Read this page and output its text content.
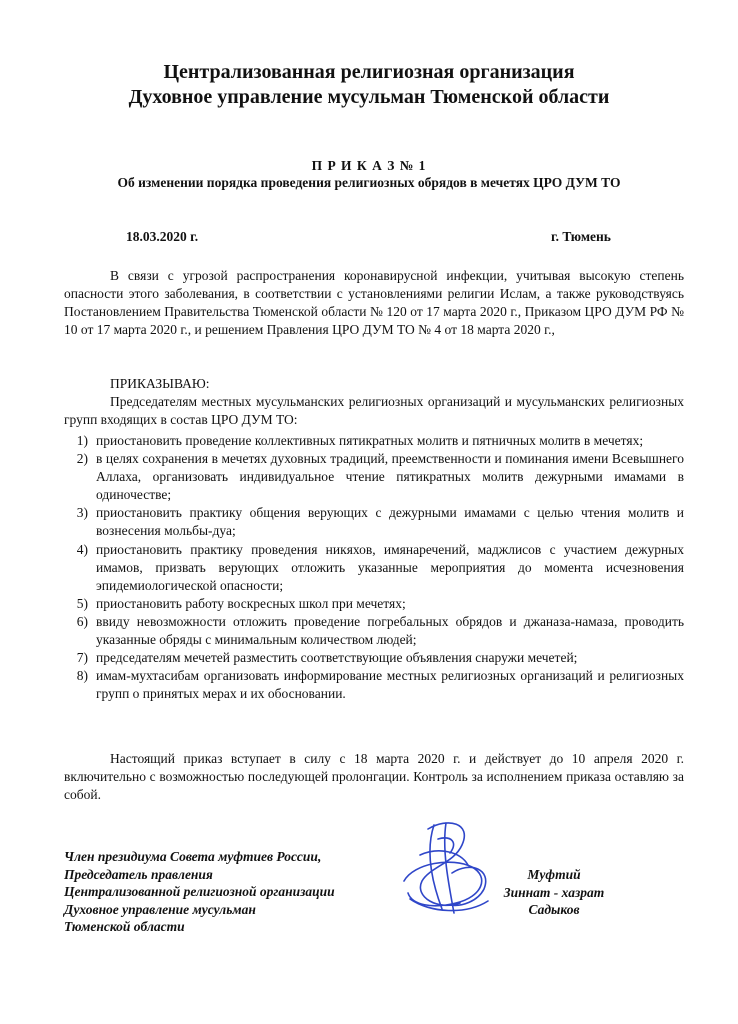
Централизованная религиозная организация
Духовное управление мусульман Тюменской области
П Р И К А З № 1
Об изменении порядка проведения религиозных обрядов в мечетях ЦРО ДУМ ТО
18.03.2020 г.	г. Тюмень
В связи с угрозой распространения коронавирусной инфекции, учитывая высокую степень опасности этого заболевания, в соответствии с установлениями религии Ислам, а также руководствуясь Постановлением Правительства Тюменской области № 120 от 17 марта 2020 г., Приказом ЦРО ДУМ РФ № 10 от 17 марта 2020 г., и решением Правления ЦРО ДУМ ТО № 4 от 18 марта 2020 г.,
ПРИКАЗЫВАЮ:
Председателям местных мусульманских религиозных организаций и мусульманских религиозных групп входящих в состав ЦРО ДУМ ТО:
1) приостановить проведение коллективных пятикратных молитв и пятничных молитв в мечетях;
2) в целях сохранения в мечетях духовных традиций, преемственности и поминания имени Всевышнего Аллаха, организовать индивидуальное чтение пятикратных молитв дежурными имамами в одиночестве;
3) приостановить практику общения верующих с дежурными имамами с целью чтения молитв и вознесения мольбы-дуа;
4) приостановить практику проведения никяхов, имянаречений, маджлисов с участием дежурных имамов, призвать верующих отложить указанные мероприятия до момента исчезновения эпидемиологической опасности;
5) приостановить работу воскресных школ при мечетях;
6) ввиду невозможности отложить проведение погребальных обрядов и джаназа-намаза, проводить указанные обряды с минимальным количеством людей;
7) председателям мечетей разместить соответствующие объявления снаружи мечетей;
8) имам-мухтасибам организовать информирование местных религиозных организаций и религиозных групп о принятых мерах и их обосновании.
Настоящий приказ вступает в силу с 18 марта 2020 г. и действует до 10 апреля 2020 г. включительно с возможностью последующей пролонгации. Контроль за исполнением приказа оставляю за собой.
Член президиума Совета муфтиев России,
Председатель правления
Централизованной религиозной организации
Духовное управление мусульман
Тюменской области
Муфтий
Зиннат - хазрат
Садыков
